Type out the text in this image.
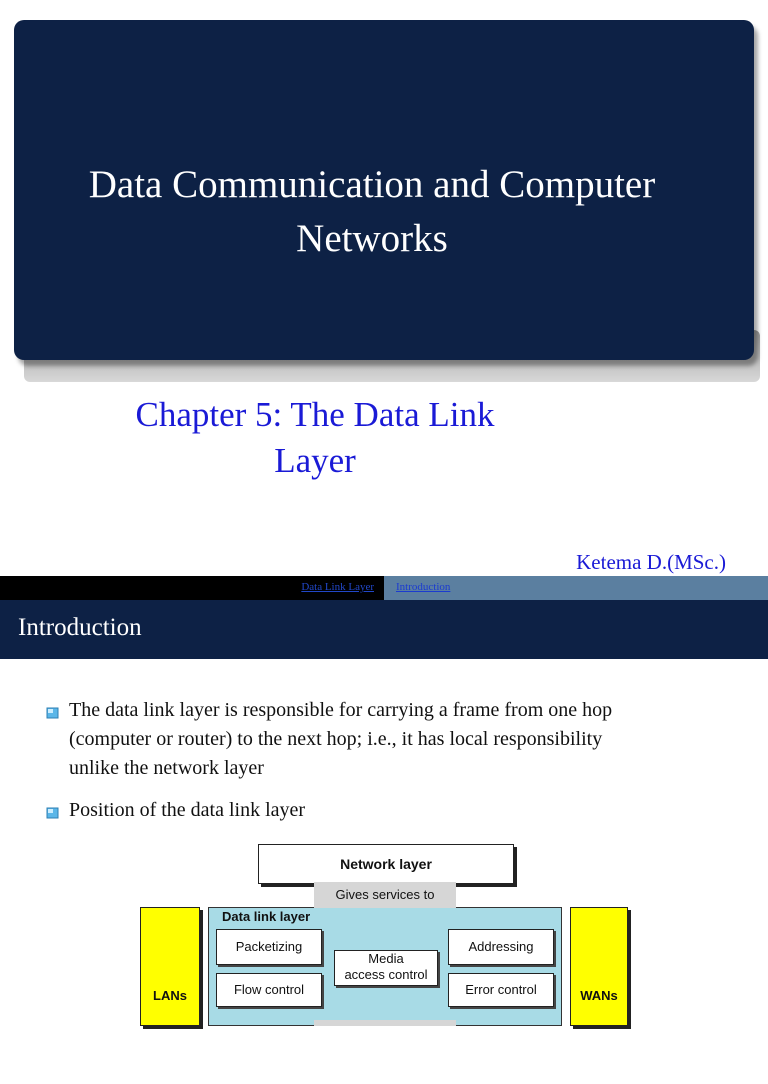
Data Communication and Computer
Networks
Chapter 5: The Data Link
Layer
Ketema D.(MSc.)
Data Link Layer Introduction
Introduction
The data link layer is responsible for carrying a frame from one hop
(computer or router) to the next hop; i.e., it has local responsibility
unlike the network layer
Position of the data link layer
LANs	WANs
Data link layer
Network layer
Gives services to
Packetizing
Flow control
Media
access control
Addressing
Error control
